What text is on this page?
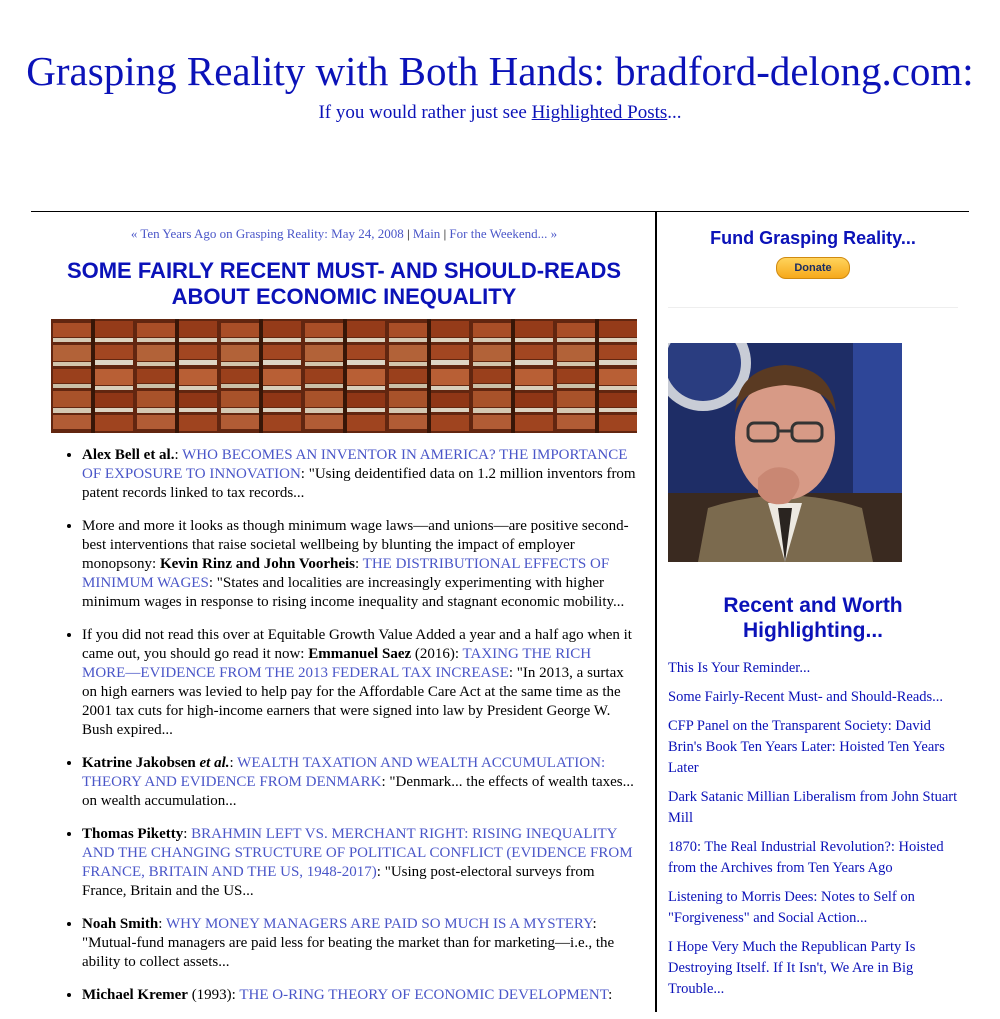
Grasping Reality with Both Hands: bradford-delong.com:
If you would rather just see Highlighted Posts...
« Ten Years Ago on Grasping Reality: May 24, 2008 | Main | For the Weekend... »
SOME FAIRLY RECENT MUST- AND SHOULD-READS ABOUT ECONOMIC INEQUALITY
• Alex Bell et al.: WHO BECOMES AN INVENTOR IN AMERICA? THE IMPORTANCE OF EXPOSURE TO INNOVATION: "Using deidentified data on 1.2 million inventors from patent records linked to tax records...
• More and more it looks as though minimum wage laws—and unions—are positive second-best interventions that raise societal wellbeing by blunting the impact of employer monopsony: Kevin Rinz and John Voorheis: THE DISTRIBUTIONAL EFFECTS OF MINIMUM WAGES: "States and localities are increasingly experimenting with higher minimum wages in response to rising income inequality and stagnant economic mobility...
• If you did not read this over at Equitable Growth Value Added a year and a half ago when it came out, you should go read it now: Emmanuel Saez (2016): TAXING THE RICH MORE—EVIDENCE FROM THE 2013 FEDERAL TAX INCREASE: "In 2013, a surtax on high earners was levied to help pay for the Affordable Care Act at the same time as the 2001 tax cuts for high-income earners that were signed into law by President George W. Bush expired...
• Katrine Jakobsen et al.: WEALTH TAXATION AND WEALTH ACCUMULATION: THEORY AND EVIDENCE FROM DENMARK: "Denmark... the effects of wealth taxes... on wealth accumulation...
• Thomas Piketty: BRAHMIN LEFT VS. MERCHANT RIGHT: RISING INEQUALITY AND THE CHANGING STRUCTURE OF POLITICAL CONFLICT (EVIDENCE FROM FRANCE, BRITAIN AND THE US, 1948-2017): "Using post-electoral surveys from France, Britain and the US...
• Noah Smith: WHY MONEY MANAGERS ARE PAID SO MUCH IS A MYSTERY: "Mutual-fund managers are paid less for beating the market than for marketing—i.e., the ability to collect assets...
• Michael Kremer (1993): THE O-RING THEORY OF ECONOMIC DEVELOPMENT:
Fund Grasping Reality...
Donate
Recent and Worth Highlighting...
This Is Your Reminder...
Some Fairly-Recent Must- and Should-Reads...
CFP Panel on the Transparent Society: David Brin's Book Ten Years Later: Hoisted Ten Years Later
Dark Satanic Millian Liberalism from John Stuart Mill
1870: The Real Industrial Revolution?: Hoisted from the Archives from Ten Years Ago
Listening to Morris Dees: Notes to Self on "Forgiveness" and Social Action...
I Hope Very Much the Republican Party Is Destroying Itself. If It Isn't, We Are in Big Trouble...
